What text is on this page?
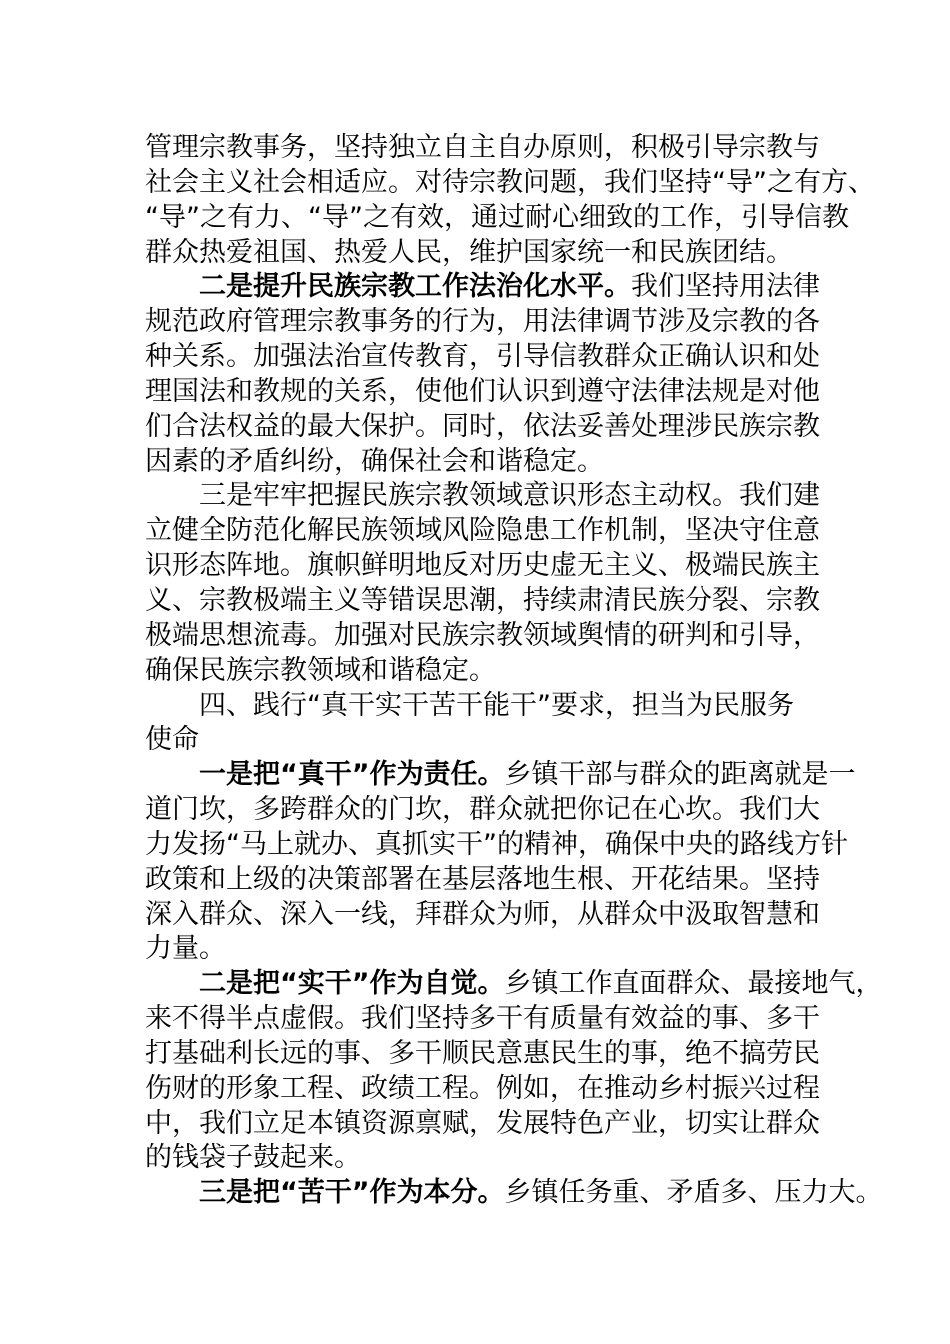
管理宗教事务，坚持独立自主自办原则，积极引导宗教与
社会主义社会相适应。对待宗教问题，我们坚持“导”之有方、
“导”之有力、“导”之有效，通过耐心细致的工作，引导信教
群众热爱祖国、热爱人民，维护国家统一和民族团结。
二是提升民族宗教工作法治化水平。我们坚持用法律
规范政府管理宗教事务的行为，用法律调节涉及宗教的各
种关系。加强法治宣传教育，引导信教群众正确认识和处
理国法和教规的关系，使他们认识到遵守法律法规是对他
们合法权益的最大保护。同时，依法妥善处理涉民族宗教
因素的矛盾纠纷，确保社会和谐稳定。
三是牢牢把握民族宗教领域意识形态主动权。我们建
立健全防范化解民族领域风险隐患工作机制，坚决守住意
识形态阵地。旗帜鲜明地反对历史虚无主义、极端民族主
义、宗教极端主义等错误思潮，持续肃清民族分裂、宗教
极端思想流毒。加强对民族宗教领域舆情的研判和引导，
确保民族宗教领域和谐稳定。
四、践行“真干实干苦干能干”要求，担当为民服务
使命
一是把“真干”作为责任。乡镇干部与群众的距离就是一
道门坎，多跨群众的门坎，群众就把你记在心坎。我们大
力发扬“马上就办、真抓实干”的精神，确保中央的路线方针
政策和上级的决策部署在基层落地生根、开花结果。坚持
深入群众、深入一线，拜群众为师，从群众中汲取智慧和
力量。
二是把“实干”作为自觉。乡镇工作直面群众、最接地气，
来不得半点虚假。我们坚持多干有质量有效益的事、多干
打基础利长远的事、多干顺民意惠民生的事，绝不搞劳民
伤财的形象工程、政绩工程。例如，在推动乡村振兴过程
中，我们立足本镇资源禀赋，发展特色产业，切实让群众
的钱袋子鼓起来。
三是把“苦干”作为本分。乡镇任务重、矛盾多、压力大。
